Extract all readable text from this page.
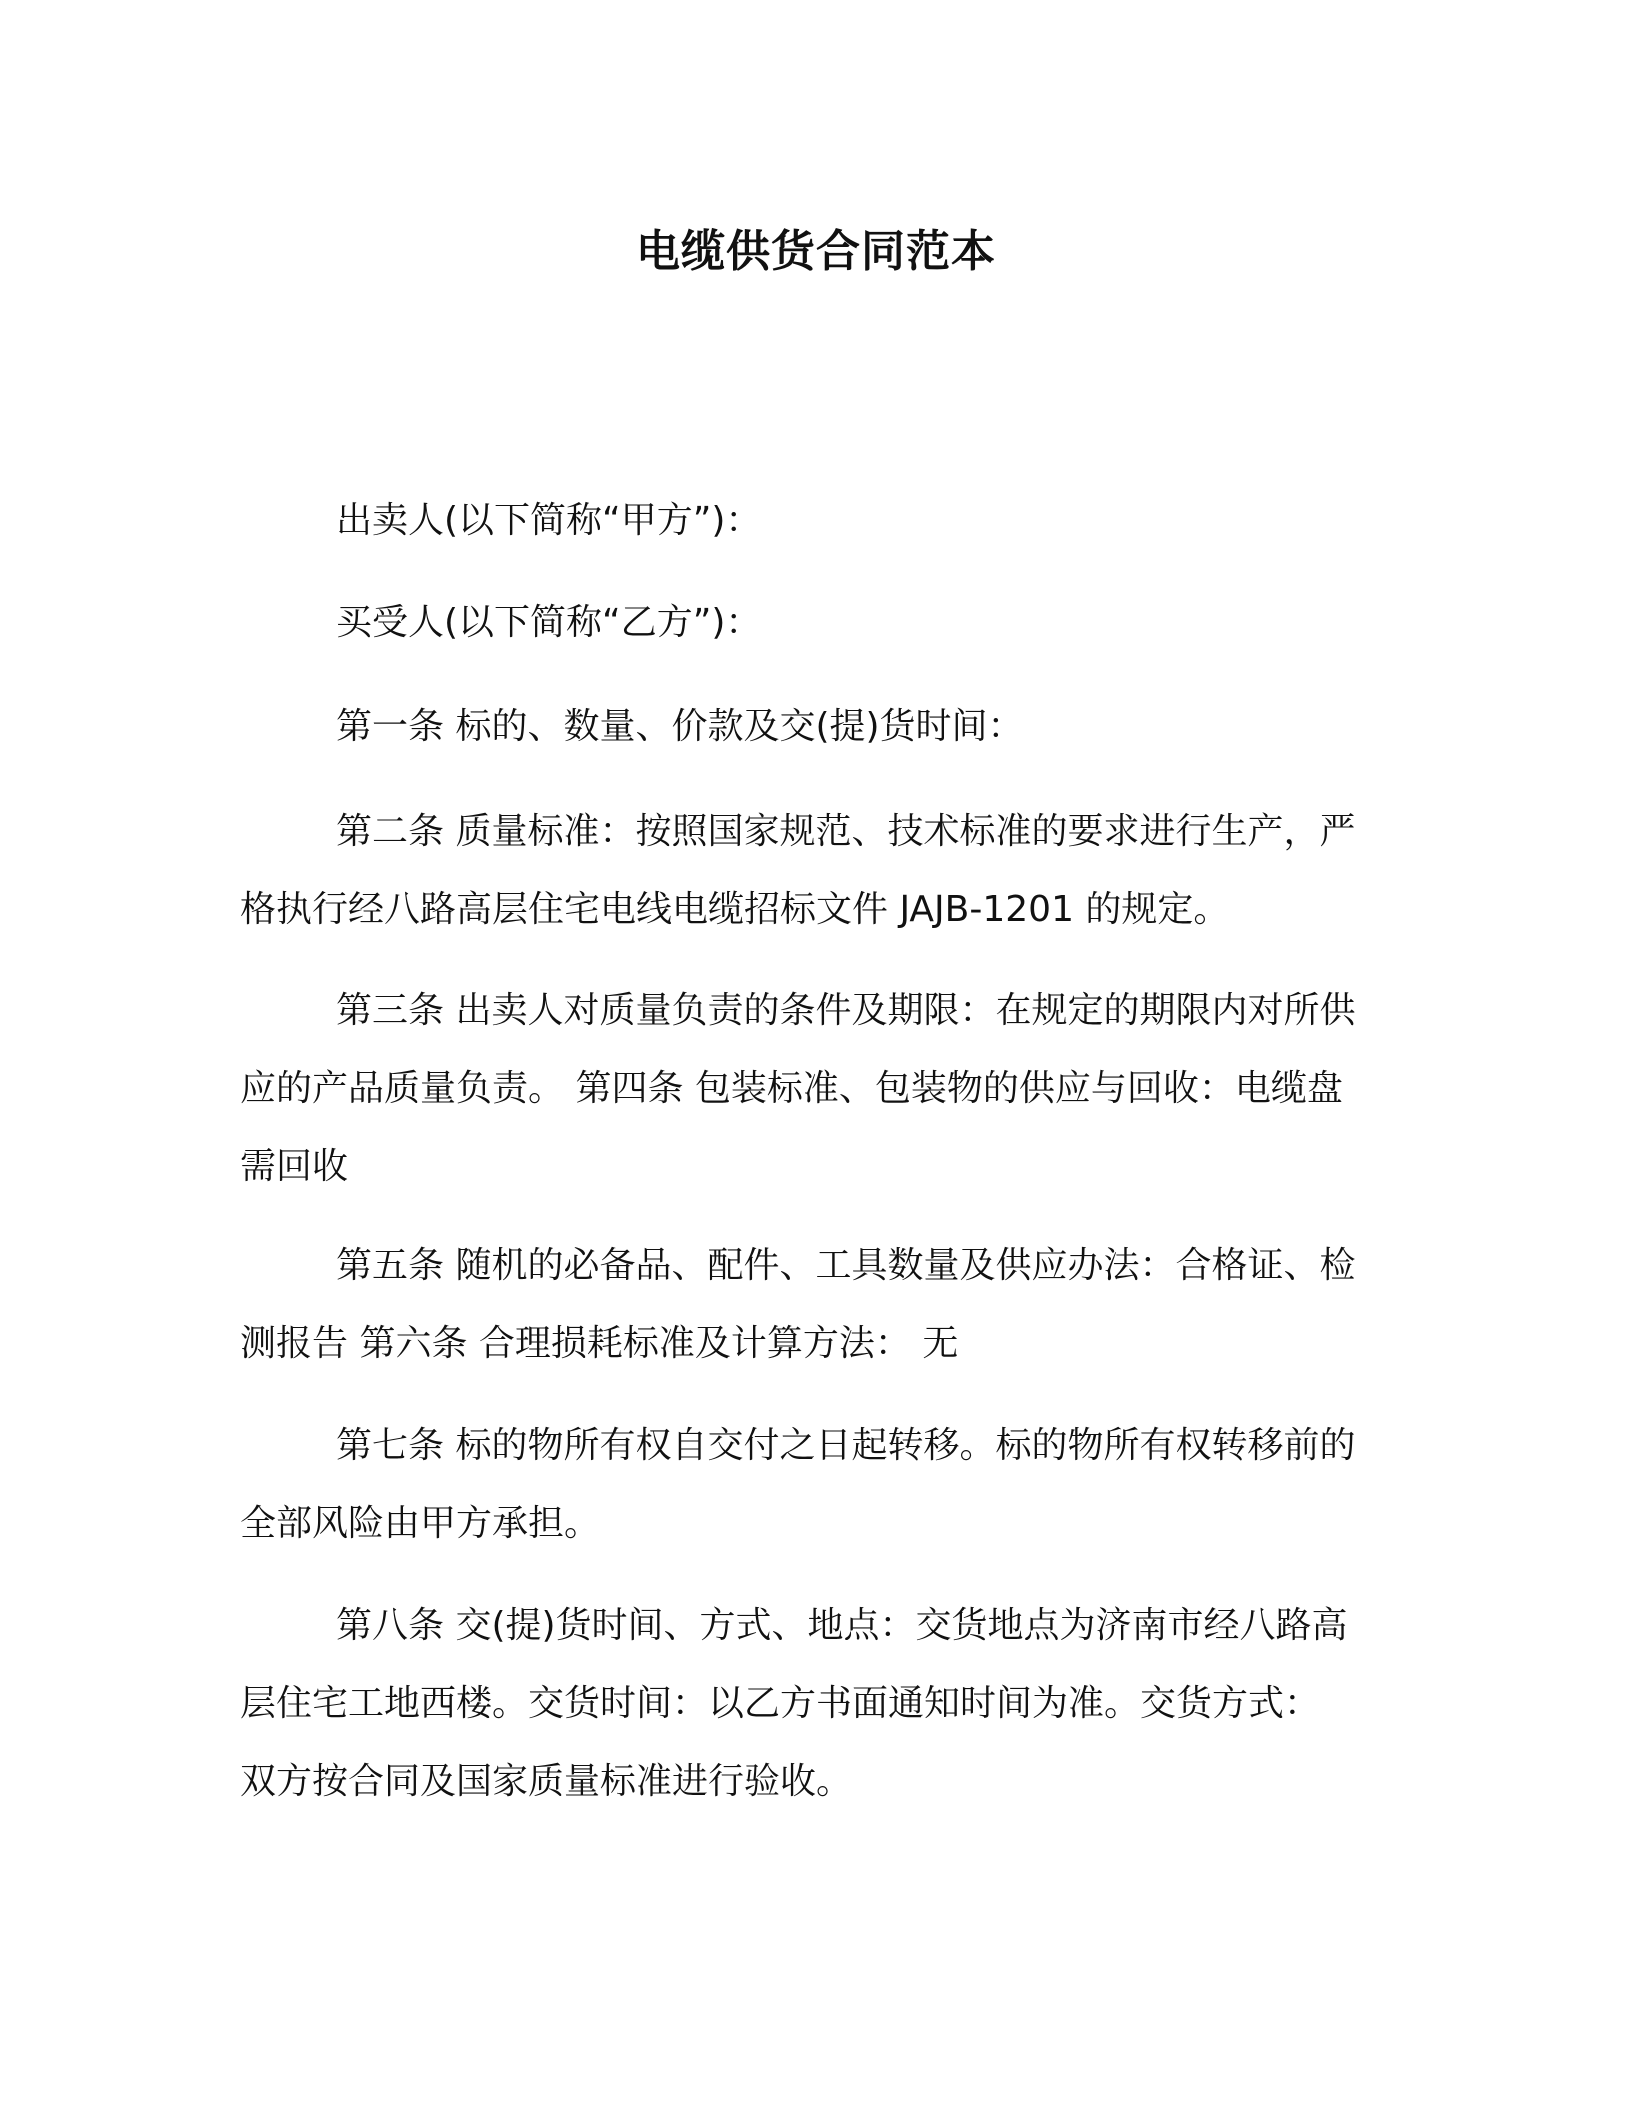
电缆供货合同范本
出卖人(以下简称“甲方”)：
买受人(以下简称“乙方”)：
第一条 标的、数量、价款及交(提)货时间：
第二条 质量标准：按照国家规范、技术标准的要求进行生产，严
格执行经八路高层住宅电线电缆招标文件 JAJB-1201 的规定。
第三条 出卖人对质量负责的条件及期限：在规定的期限内对所供
应的产品质量负责。 第四条 包装标准、包装物的供应与回收：电缆盘
需回收
第五条 随机的必备品、配件、工具数量及供应办法：合格证、检
测报告 第六条 合理损耗标准及计算方法： 无
第七条 标的物所有权自交付之日起转移。标的物所有权转移前的
全部风险由甲方承担。
第八条 交(提)货时间、方式、地点：交货地点为济南市经八路高
层住宅工地西楼。交货时间：以乙方书面通知时间为准。交货方式：
双方按合同及国家质量标准进行验收。
